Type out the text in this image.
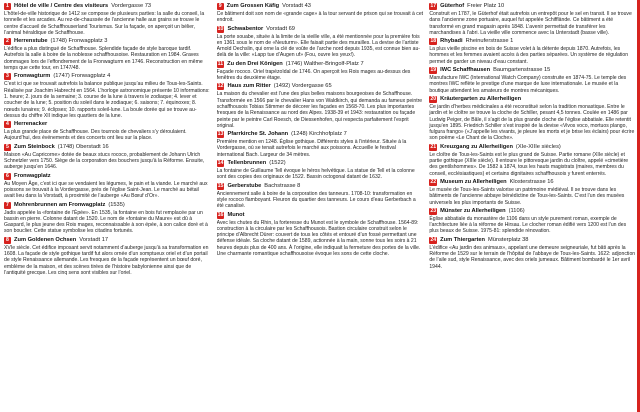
1 Hôtel de ville / Centre des visiteurs Vordergasse 73

L’hôtel-de-ville historique de 1412 se compose de plusieurs parties: la salle du conseil, la tonnelle et les arcades. Au rez-de-chaussée de l’ancienne halle aux grains se trouve le centre d’accueil de Schaffhouserland Tourismus. Sur la façade, on aperçoit un bélier, l’animal héraldique de Schaffhouse.

2 Herrenstube (1748) Fronwagplatz 3

L’édifice a plus distingué de Schaffhouse. Splendide façade de style baroque tardif. Autrefois la salle à boire de la noblesse schaffhousoise. Restauration en 1984. Graves dommages lors de l’effondrement de la Fronwagturm en 1746. Reconstruction en même temps que cette tour, en 1747/48.

3 Fronwagturm (1747) Fronwagplatz 4

C’est ici que se trouvait autrefois la balance publique jusqu’au milieu de Tous-les-Saints. Réalisée par Joachim Habrecht en 1564. L’horloge astronomique présente 10 informations: 1. heure; 2. jours de la semaine; 3. course de la lune à travers le zodiaque; 4. lever et coucher de la lune; 5. position du soleil dans le zodiaque; 6. saisons; 7. équinoxes; 8. nœuds lunaires; 9. éclipses; 10. rapports soleil-lune. La boule dorée qui se trouve au-dessus du chiffre XII indique les quartiers de la lune.

4 Herrenacker

La plus grande place de Schaffhouse. Des tournois de chevaliers s’y déroulaient. Aujourd’hui, des événements et des concerts ont lieu sur la place.

5 Zum Steinbock (1748) Oberstadt 16

Maison «Au Capricorne» dotée de beaux stucs rococo, probablement de Johann Ulrich Schnetzler vers 1750. Siège de la corporation des bouchers jusqu’à la Réforme. Ensuite, auberge jusqu’en 1646.

6 Fronwagplatz

Au Moyen Âge, c’est ici que se vendaient les légumes, le pain et la viande. Le marché aux poissons se trouvait à la Vordergasse, près de l’église Saint-Jean. Le marché au bétail avait lieu dans la Vorstadt, à proximité de l’auberge «Au Bœuf d’Or».

7 Mohrenbrunnen am Fronwagplatz (1535)

Jadis appelée la «fontaine de l’Èpée». En 1535, la fontaine en bois fut remplacée par un bassin en pierre. Colonne datant de 1520. Le nom de «fontaine du Maure» est dû à Gaspard, le plus jeune des Rois mages, reconnaissable à son épée, à son calice doré et à son bouclier. Cette statue symbolise les citadins fortunés.

8 Zum Goldenen Ochsen Vorstadt 17

XVIe siècle. Cet édifice imposant servit notamment d’auberge jusqu’à sa transformation en 1608. La façade de style gothique tardif fut alors ornée d’un somptueux oriel et d’un portail de style Renaissance allemande. Les fresques de la façade représentent un bœuf doré, emblème de la maison, et des scènes tirées de l’histoire babylonienne ainsi que de l’antiquité grecque. Les cinq sens sont visibles sur l’oriel.

9 Zum Grossen Käfig Vorstadt 43

Ce bâtiment doit son nom de «grande cage» à la tour servant de prison qui se trouvait à cet endroit.

10 Schwabentor Vorstadt 69

La porte souabe, située à la limite de la vieille ville, a été mentionnée pour la première fois en 1361 sous le nom de «Neuturm». Elle faisait partie des murailles. La devise de l’artiste Arnold Oechslin, qui orne la clé de voûte de l’arche nord depuis 1935, est connue bien au-delà de la ville: «Lapp tue d’Augen uf» (Fou, ouvre les yeux!).

11 Zu den Drei Königen (1746) Walther-Bringolf-Platz 7

Façade rococo. Oriel trapézoïdal de 1746. On aperçoit les Rois mages au-dessus des fenêtres du deuxième étage.

12 Haus zum Ritter (1492) Vordergasse 65

La maison du chevalier est l’une des plus belles maisons bourgeoises de Schaffhouse. Transformée en 1566 par le chevalier Hans von Waldkirch, qui demanda au fameux peintre schaffhousois Tobias Stimmer de décorer les façades en 1568-70. Les plus importantes fresques de la Renaissance au nord des Alpes. 1938-39 et 1943: restauration ou façade peinte par le peintre Carl Roesch, de Diessenhofen, qui respecta parfaitement l’esprit original.

13 Pfarrkirche St. Johann (1248) Kirchhofplatz 7

Première mention en 1248. Église gothique. Différents styles à l’intérieur. Située à la Vordergasse, où se tenait autrefois le marché aux poissons. Accueille le festival international Bach. Largeur de 34 mètres.

14 Tellenbrunnen (1522)

La fontaine de Guillaume Tell évoque le héros helvétique. La statue de Tell et la colonne sont des copies des originaux de 1522. Bassin octogonal datant de 1632.

15 Gerberstube Bachstrasse 8

Anciennement salle à boire de la corporation des tanneurs. 1708-10: transformation en style rococo flamboyant. Fleuron du quartier des tanneurs. Le cours d’eau Gerberbach a été canalisé.

16 Munot

Avec les chutes du Rhin, la forteresse du Munot est le symbole de Schaffhouse. 1564-89: construction à la circulaire par les Schaffhousois. Bastion circulaire construit selon le principe d’Albrecht Dürer: couvert de tous les côtés et entouré d’un fossé permettant une défense idéale. Sa cloche datant de 1589, actionnée à la main, sonne tous les soirs à 21 heures depuis plus de 400 ans. À l’origine, elle indiquait la fermeture des portes de la ville. Une charmante romantique schaffhousoise évoque les sons de cette cloche.

17 Güterhof Freier Platz 10

Construit en 1787, le Güterhof était autrefois un entrepôt pour le sel en transit. Il se trouve dans l’ancienne zone portuaire, auquel fut appelée Schifflände. Ce bâtiment a été transformé en grand magasin après 1848. L’avenir permettait de transférer les marchandises à l’abri. La vieille ville commence avec la Unterstadt (basse ville).

18 Rhybadi Rheinuferstrasse 1

La plus vieille piscine en bois de Suisse volet à la détente depuis 1870. Autrefois, les hommes et les femmes avaient accès à des parties séparées. Un système de régulation permet de garder un niveau d’eau constant.

19 IWC Schaffhausen Baumgartenstrasse 15

Manufacture IWC (International Watch Company) construite en 1874-75. Le temple des montres IWC reflète le prestige d’une marque de luxe internationale. Le musée et la boutique attendent les amateurs de montres mécaniques.

20 Kräutergarten zu Allerheiligen

Ce jardin d’herbes médicinales a été reconstitué selon la tradition monastique. Entre le jardin et le cloître se trouve la cloche de Schiller, pesant 4,5 tonnes. Coulée en 1486 par Ludwig Peiger, de Bâle, il s’agit de la plus grande cloche de l’église abbatiale. Elle retentit jusqu’en 1895. Friedrich Schiller s’est inspiré de la devise «Vivos voco, mortuos plango, fulgura frango» («J’appelle les vivants, je pleure les morts et je brise les éclairs) pour écrire son poème «Le Chant de la Cloche».

21 Kreuzgang zu Allerheiligen (XIe-XIIIe siècles)

Le cloître de Tous-les-Saints est le plus grand de Suisse. Partie romane (XIIe siècle) et partie gothique (XIIIe siècle). Il entoure le pittoresque jardin du cloître, appelé «cimetière des gentilshommes». De 1582 à 1874, tous les hauts magistrats (maires, membres du conseil, ecclésiastiques) et certains dignitaires schaffhousois y furent enterrés.

22 Museum zu Allerheiligen Klosterstrasse 16

Le musée de Tous-les-Saints valorise un patrimoine médiéval. Il se trouve dans les bâtiments de l’ancienne abbaye bénédictine de Tous-les-Saints. C’est l’un des musées universels les plus importants de Suisse.

23 Münster zu Allerheiligen (1106)

Église abbatiale du monastère de 1106 dans un style purement roman, exemple de l’architecture liée à la réforme de Hirsau. Le clocher roman édifié vers 1200 est l’un des plus beaux de Suisse. 1975-81: splendide rénovation.

24 Zum Thiergarten Münsterplatz 38

L’édifice «Au jardin des animaux», appelant une demeure seigneuriale, fut bâti après la Réforme de 1529 sur le terrain de l’hôpital de l’abbaye de Tous-les-Saints. 1622: adjonction de l’aile sud, style Renaissance, avec des oriels jumeaux. Bâtiment bombardé le 1er avril 1944.
